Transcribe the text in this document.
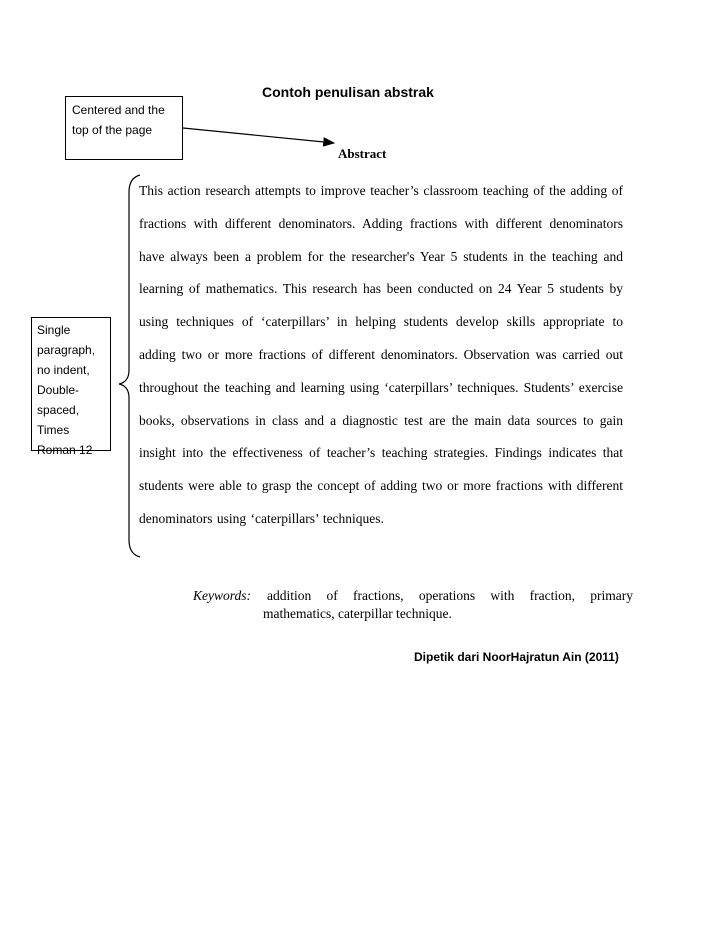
Contoh penulisan abstrak
Centered and the top of the page
Abstract
This action research attempts to improve teacher’s classroom teaching of the adding of fractions with different denominators. Adding fractions with different denominators have always been a problem for the researcher's Year 5 students in the teaching and learning of mathematics. This research has been conducted on 24 Year 5 students by using techniques of ‘caterpillars’ in helping students develop skills appropriate to adding two or more fractions of different denominators. Observation was carried out throughout the teaching and learning using ‘caterpillars’ techniques. Students’ exercise books, observations in class and a diagnostic test are the main data sources to gain insight into the effectiveness of teacher’s teaching strategies. Findings indicates that students were able to grasp the concept of adding two or more fractions with different denominators using ‘caterpillars’ techniques.
Single paragraph, no indent, Double-spaced, Times Roman 12
Keywords:	addition of fractions, operations with fraction, primary
mathematics, caterpillar technique.
Dipetik dari NoorHajratun Ain (2011)
